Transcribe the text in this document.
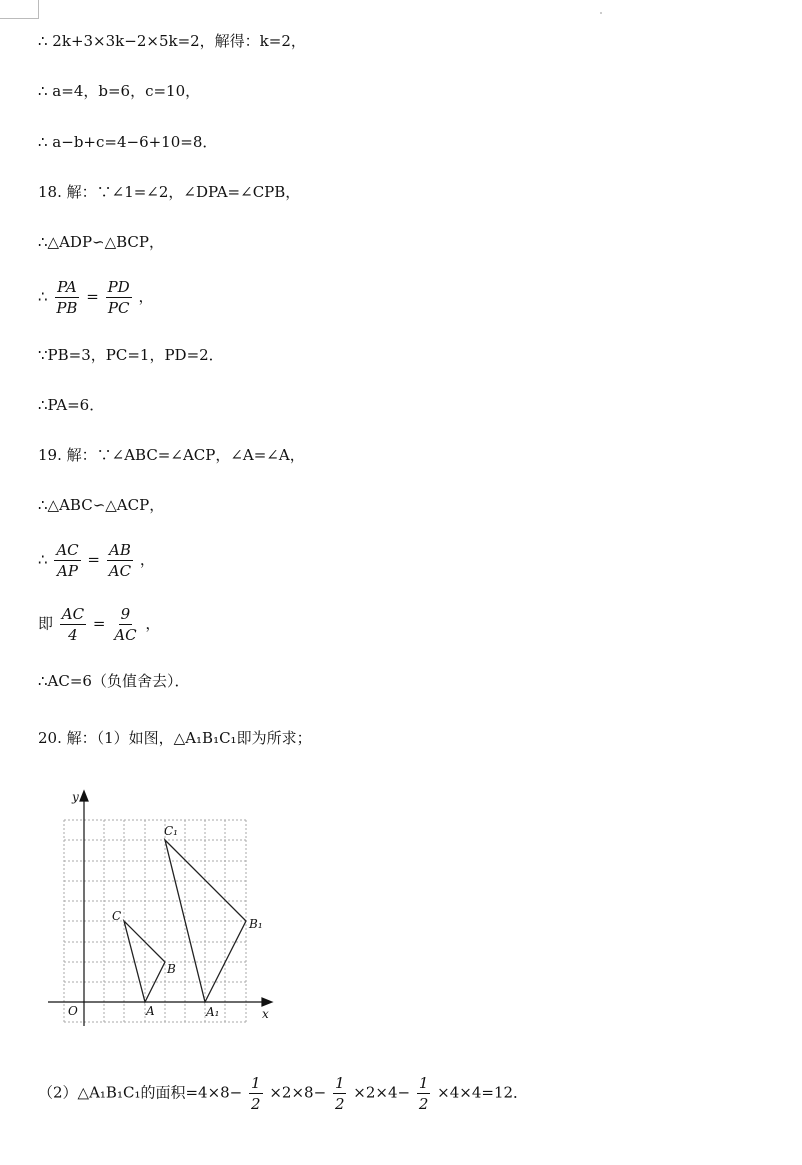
∴ 2k+3×3k−2×5k=2，解得：k=2，
∴ a=4，b=6，c=10，
∴ a−b+c=4−6+10=8．
18. 解：∵∠1=∠2，∠DPA=∠CPB，
∴△ADP∽△BCP，
∴ $\frac{PA}{PB} = \frac{PD}{PC}$ ，
∵PB=3，PC=1，PD=2．
∴PA=6．
19. 解：∵∠ABC=∠ACP，∠A=∠A，
∴△ABC∽△ACP，
∴ $\frac{AC}{AP} = \frac{AB}{AC}$ ，
即 $\frac{AC}{4} = \frac{9}{AC}$ ，
∴AC=6（负值舍去）．
20. 解：（1）如图，△A₁B₁C₁即为所求；
y
x
O	A
B
C
A₁
B₁
C₁
（2）△A₁B₁C₁的面积$=4\times 8- \frac{1}{2} \times 2\times 8- \frac{1}{2} \times 2\times 4- \frac{1}{2} \times 4\times 4=12$．
